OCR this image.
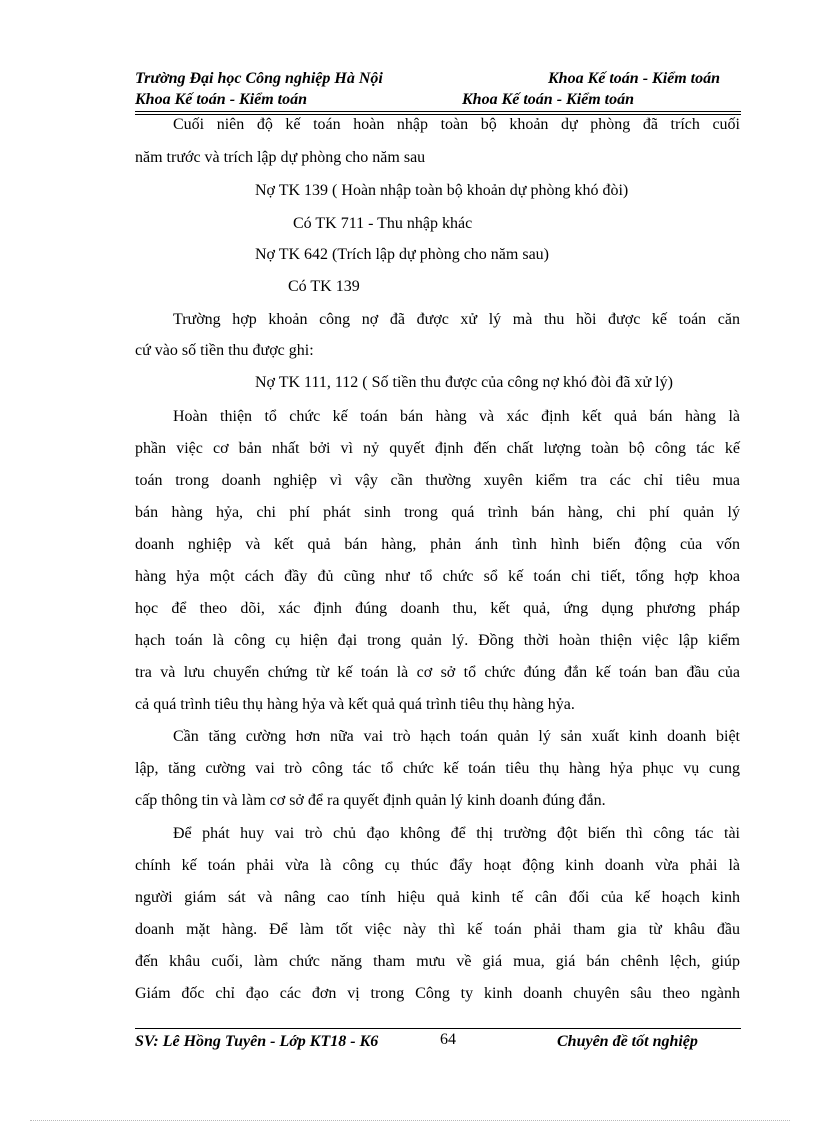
Trường Đại học Công nghiệp Hà Nội	Khoa Kế toán - Kiểm toán
Khoa Kế toán - Kiểm toán	Khoa Kế toán - Kiểm toán
Cuối niên độ kế toán hoàn nhập toàn bộ khoản dự phòng đã trích cuối
năm trước và trích lập dự phòng cho năm sau
Nợ TK 139 ( Hoàn nhập toàn bộ khoản dự phòng khó đòi)
Có TK 711 - Thu nhập khác
Nợ TK 642 (Trích lập dự phòng cho năm sau)
Có TK 139
Trường hợp khoản công nợ đã được xử lý mà thu hồi được kế toán căn
cứ vào số tiền thu được ghi:
Nợ TK 111, 112 ( Số tiền thu được của công nợ khó đòi đã xử lý)
Hoàn thiện tổ chức kế toán bán hàng và xác định kết quả bán hàng là
phần việc cơ bản nhất bởi vì nỷ quyết định đến chất lượng toàn bộ công tác kế
toán trong doanh nghiệp vì vậy cần thường xuyên kiểm tra các chỉ tiêu mua
bán hàng hỷa, chi phí phát sinh trong quá trình bán hàng, chi phí quản lý
doanh nghiệp và kết quả bán hàng, phản ánh tình hình biến động của vốn
hàng hỷa một cách đầy đủ cũng như tổ chức sổ kế toán chi tiết, tổng hợp khoa
học để theo dõi, xác định đúng doanh thu, kết quả, ứng dụng phương pháp
hạch toán là công cụ hiện đại trong quản lý. Đồng thời hoàn thiện việc lập kiểm
tra và lưu chuyển chứng từ kế toán là cơ sở tổ chức đúng đắn kế toán ban đầu của
cả quá trình tiêu thụ hàng hỷa và kết quả quá trình tiêu thụ hàng hỷa.
Cần tăng cường hơn nữa vai trò hạch toán quản lý sản xuất kinh doanh biệt
lập, tăng cường vai trò công tác tổ chức kế toán tiêu thụ hàng hỷa phục vụ cung
cấp thông tin và làm cơ sở để ra quyết định quản lý kinh doanh đúng đắn.
Để phát huy vai trò chủ đạo không để thị trường đột biến thì công tác tài
chính kế toán phải vừa là công cụ thúc đẩy hoạt động kinh doanh vừa phải là
người giám sát và nâng cao tính hiệu quả kinh tế cân đối của kế hoạch kinh
doanh mặt hàng. Để làm tốt việc này thì kế toán phải tham gia từ khâu đầu
đến khâu cuối, làm chức năng tham mưu về giá mua, giá bán chênh lệch, giúp
Giám đốc chỉ đạo các đơn vị trong Công ty kinh doanh chuyên sâu theo ngành
SV: Lê Hồng Tuyên - Lớp KT18 - K6	64	Chuyên đề tốt nghiệp
